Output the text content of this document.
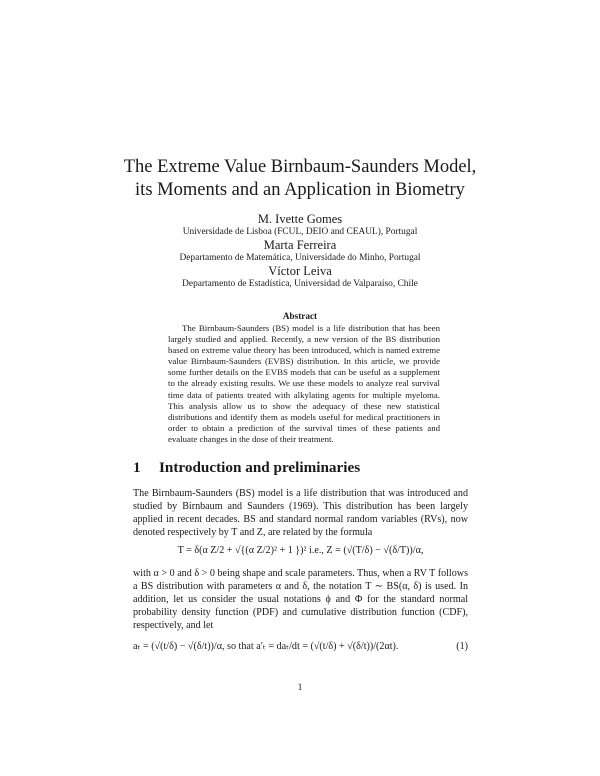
The Extreme Value Birnbaum-Saunders Model,
its Moments and an Application in Biometry
M. Ivette Gomes
Universidade de Lisboa (FCUL, DEIO and CEAUL), Portugal
Marta Ferreira
Departamento de Matemática, Universidade do Minho, Portugal
Víctor Leiva
Departamento de Estadística, Universidad de Valparaíso, Chile
Abstract
The Birnbaum-Saunders (BS) model is a life distribution that has been largely studied and applied. Recently, a new version of the BS distribution based on extreme value theory has been introduced, which is named extreme value Birnbaum-Saunders (EVBS) distribution. In this article, we provide some further details on the EVBS models that can be useful as a supplement to the already existing results. We use these models to analyze real survival time data of patients treated with alkylating agents for multiple myeloma. This analysis allow us to show the adequacy of these new statistical distributions and identify them as models useful for medical practitioners in order to obtain a prediction of the survival times of these patients and evaluate changes in the dose of their treatment.
1 Introduction and preliminaries
The Birnbaum-Saunders (BS) model is a life distribution that was introduced and studied by Birnbaum and Saunders (1969). This distribution has been largely applied in recent decades. BS and standard normal random variables (RVs), now denoted respectively by T and Z, are related by the formula
T = δ(α Z/2 + √{(α Z/2)² + 1 })² i.e., Z = (√(T/δ) − √(δ/T))/α,
with α > 0 and δ > 0 being shape and scale parameters. Thus, when a RV T follows a BS distribution with parameters α and δ, the notation T ∼ BS(α, δ) is used. In addition, let us consider the usual notations ϕ and Φ for the standard normal probability density function (PDF) and cumulative distribution function (CDF), respectively, and let
aₜ = (√(t/δ) − √(δ/t))/α, so that a′ₜ = daₜ/dt = (√(t/δ) + √(δ/t))/(2αt).	(1)
1
